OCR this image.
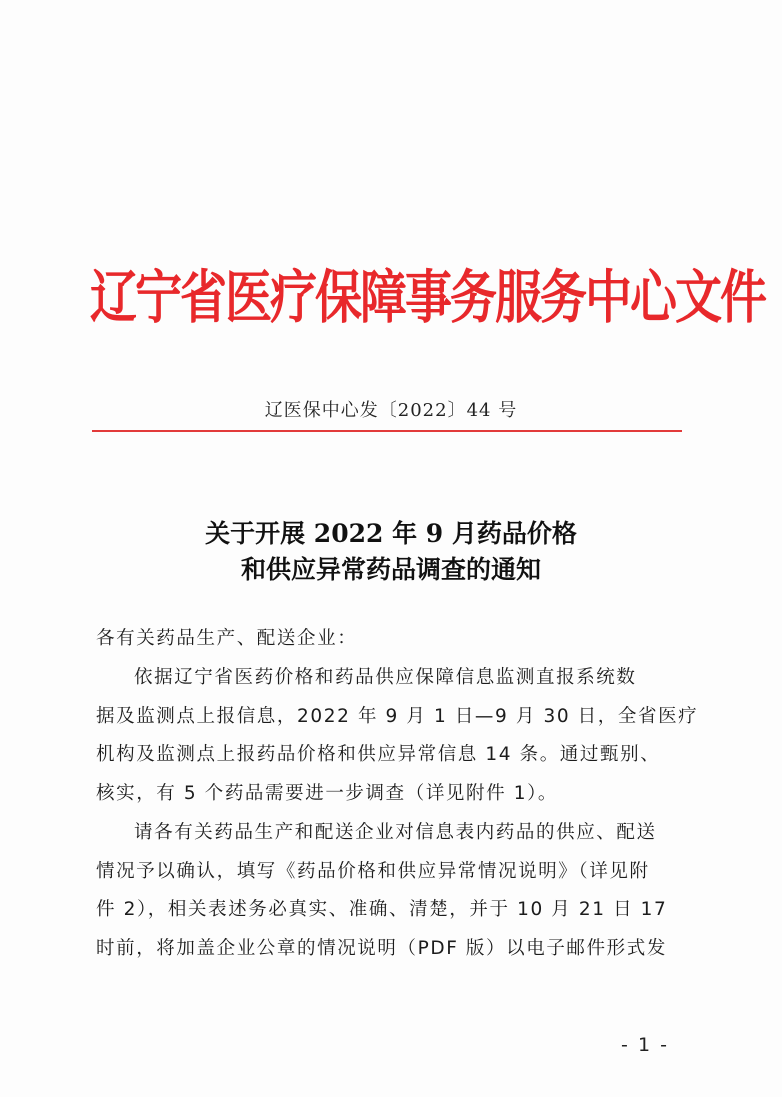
辽宁省医疗保障事务服务中心文件
辽医保中心发〔2022〕44 号
关于开展 2022 年 9 月药品价格
和供应异常药品调查的通知
各有关药品生产、配送企业：
依据辽宁省医药价格和药品供应保障信息监测直报系统数
据及监测点上报信息，2022 年 9 月 1 日—9 月 30 日，全省医疗
机构及监测点上报药品价格和供应异常信息 14 条。通过甄别、
核实，有 5 个药品需要进一步调查（详见附件 1）。
请各有关药品生产和配送企业对信息表内药品的供应、配送
情况予以确认，填写《药品价格和供应异常情况说明》（详见附
件 2），相关表述务必真实、准确、清楚，并于 10 月 21 日 17
时前，将加盖企业公章的情况说明（PDF 版）以电子邮件形式发
- 1 -
